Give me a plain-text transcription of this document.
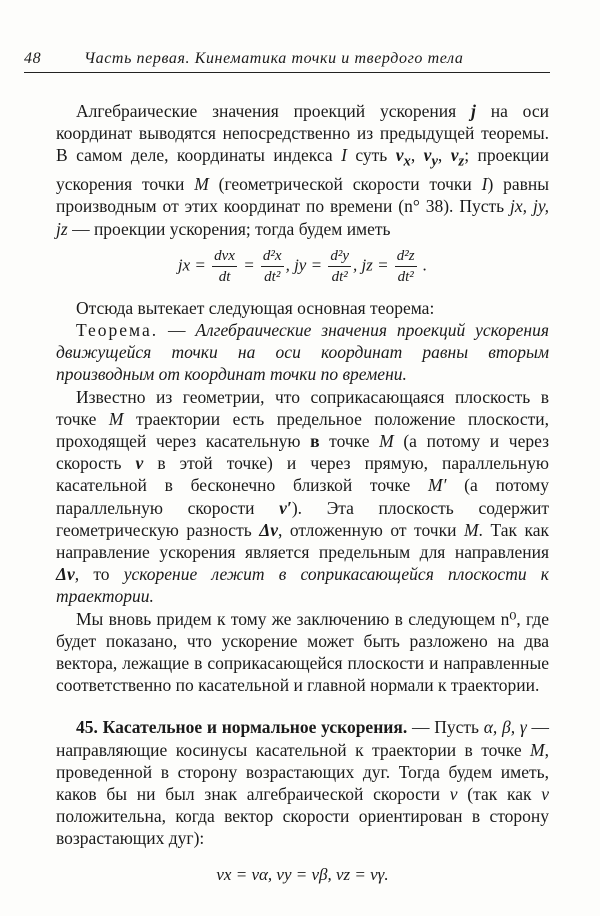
48	Часть первая. Кинематика точки и твердого тела

Алгебраические значения проекций ускорения j на оси координат выводятся непосредственно из предыдущей теоремы. В самом деле, координаты индекса I суть $v_x$, $v_y$, $v_z$; проекции ускорения точки M (геометрической скорости точки I) равны производным от этих координат по времени (n° 38). Пусть jx, jy, jz — проекции ускорения; тогда будем иметь

jx = $\frac{\text{dvx}}{dt} = \frac{\text{d²x}}{\text{dt²}}$ , jy = $\frac{\text{d²y}}{\text{dt²}}$ , jz = $\frac{\text{d²z}}{\text{dt²}}$ .

Отсюда вытекает следующая основная теорема:

Теорема. — Алгебраические значения проекций ускорения движущейся точки на оси координат равны вторым производным от координат точки по времени.

Известно из геометрии, что соприкасающаяся плоскость в точке M траектории есть предельное положение плоскости, проходящей через касательную в точке M (а потому и через скорость v в этой точке) и через прямую, параллельную касательной в бесконечно близкой точке M′ (а потому параллельную скорости v′). Эта плоскость содержит геометрическую разность Δv, отложенную от точки M. Так как направление ускорения является предельным для направления Δv, то ускорение лежит в соприкасающейся плоскости к траектории.

Мы вновь придем к тому же заключению в следующем n⁰, где будет показано, что ускорение может быть разложено на два вектора, лежащие в соприкасающейся плоскости и направленные соответственно по касательной и главной нормали к траектории.

45. Касательное и нормальное ускорения. — Пусть α, β, γ — направляющие косинусы касательной к траектории в точке M, проведенной в сторону возрастающих дуг. Тогда будем иметь, каков бы ни был знак алгебраической скорости v (так как v положительна, когда вектор скорости ориентирован в сторону возрастающих дуг):

vx = vα, vy = vβ, vz = vγ.
